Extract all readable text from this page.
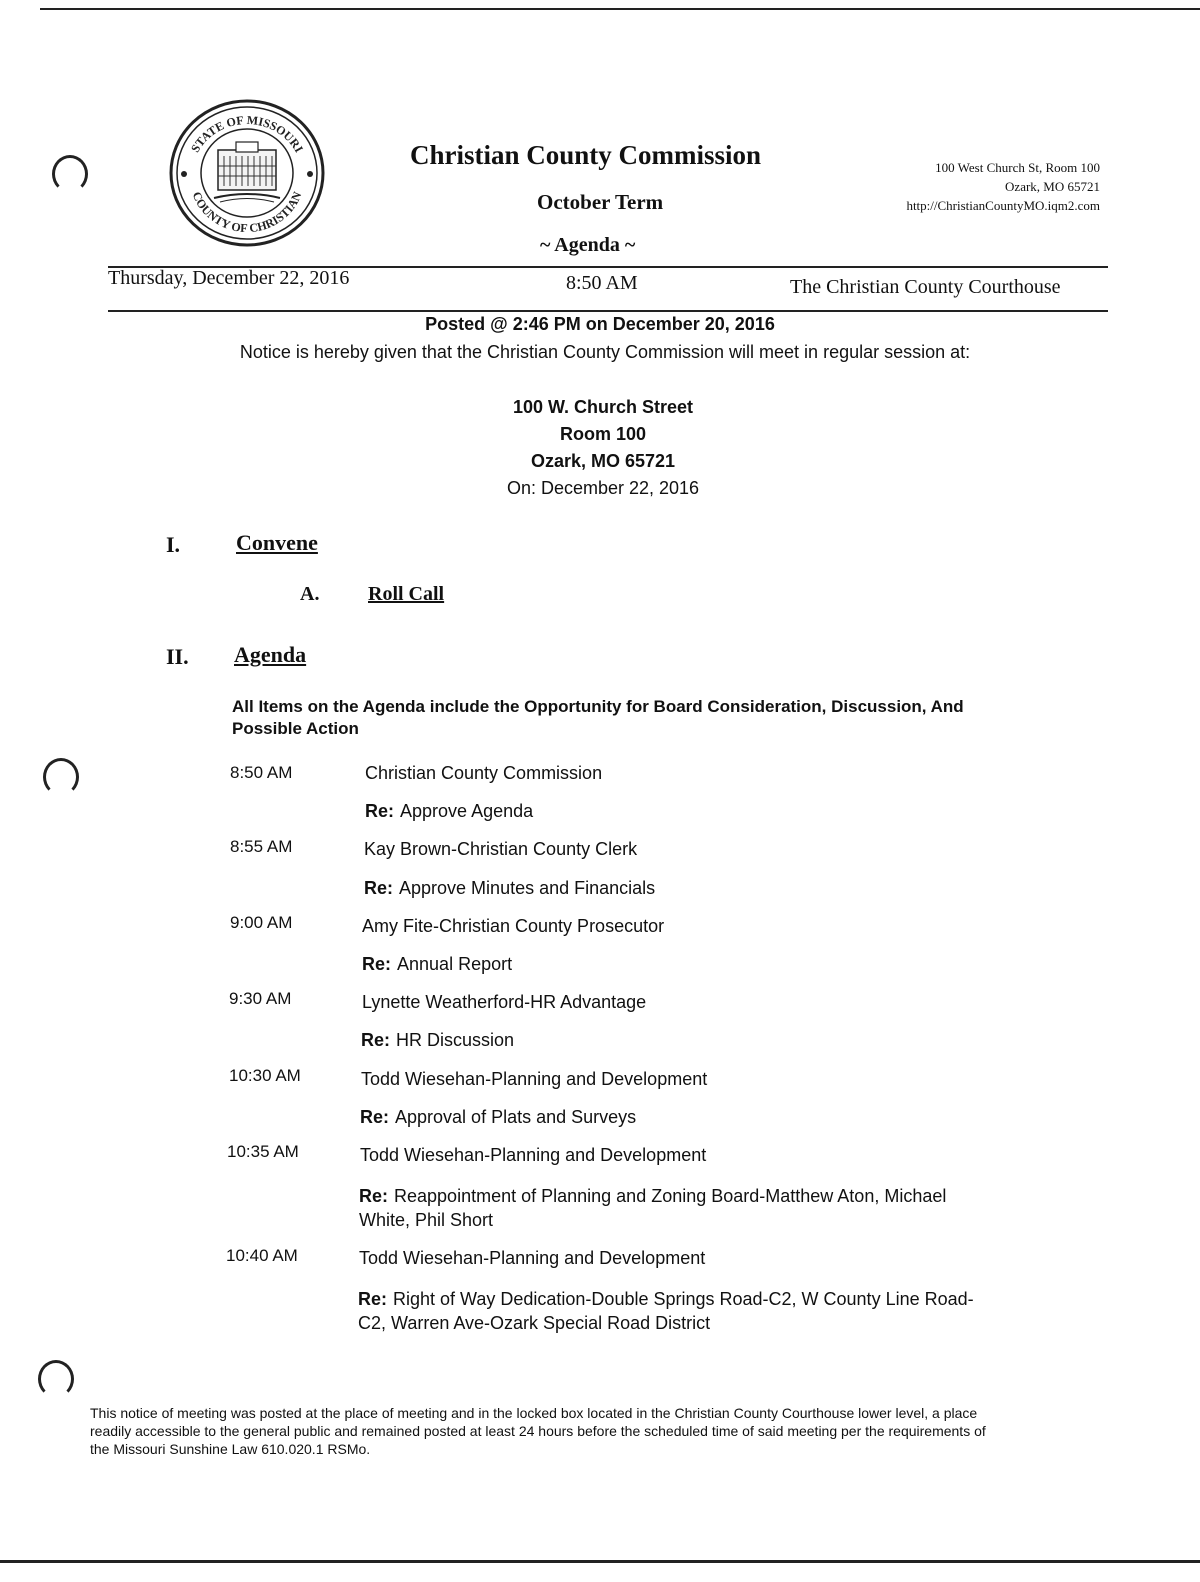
STATE OF MISSOURI
COUNTY OF CHRISTIAN
Christian County Commission
October Term
~ Agenda ~
100 West Church St, Room 100
Ozark, MO 65721
http://ChristianCountyMO.iqm2.com
Thursday, December 22, 2016	8:50 AM	The Christian County Courthouse
Posted @ 2:46 PM on December 20, 2016
Notice is hereby given that the Christian County Commission will meet in regular session at:
100 W. Church Street
Room 100
Ozark, MO 65721
On: December 22, 2016
I.	Convene
A. Roll Call
II. Agenda
All Items on the Agenda include the Opportunity for Board Consideration, Discussion, And Possible Action
8:50 AM	Christian County Commission
Re: Approve Agenda
8:55 AM	Kay Brown-Christian County Clerk
Re: Approve Minutes and Financials
9:00 AM	Amy Fite-Christian County Prosecutor
Re: Annual Report
9:30 AM	Lynette Weatherford-HR Advantage
Re: HR Discussion
10:30 AM	Todd Wiesehan-Planning and Development
Re: Approval of Plats and Surveys
10:35 AM	Todd Wiesehan-Planning and Development
Re: Reappointment of Planning and Zoning Board-Matthew Aton, Michael White, Phil Short
10:40 AM	Todd Wiesehan-Planning and Development
Re: Right of Way Dedication-Double Springs Road-C2, W County Line Road-C2, Warren Ave-Ozark Special Road District
This notice of meeting was posted at the place of meeting and in the locked box located in the Christian County Courthouse lower level, a place readily accessible to the general public and remained posted at least 24 hours before the scheduled time of said meeting per the requirements of the Missouri Sunshine Law 610.020.1 RSMo.
